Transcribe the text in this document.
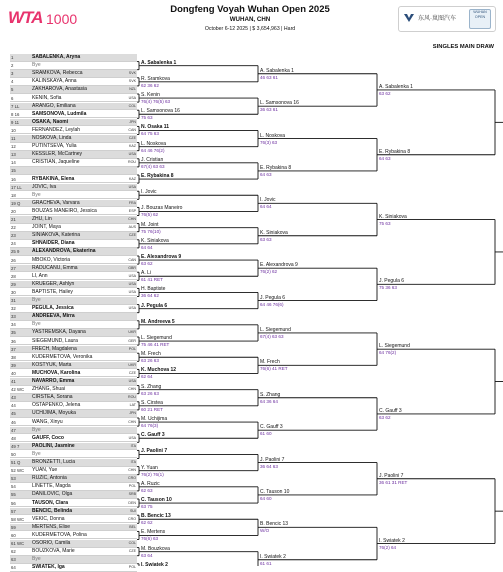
WTA 1000
Dongfeng Voyah Wuhan Open 2025
WUHAN, CHN
October 6-12 2025 | $ 3,654,963 | Hard
东风·岚图汽车
WUHAN OPEN
SINGLES MAIN DRAW
1	SABALENKA, Aryna
2	Bye
3	SRAMKOVA, Rebecca	SVK
4	KALINSKAYA, Anna	SVK
5	ZAKHAROVA, Anastasia	NZL
6	KENIN, Sofia	USA
7 LL	ARANGO, Emiliana	COL
8 16	SAMSONOVA, Ludmila
9 11	OSAKA, Naomi	JPN
10	FERNANDEZ, Leylah	CAN
11	NOSKOVA, Linda	CZE
12	PUTINTSEVA, Yulia	KAZ
13	KESSLER, McCartney	USA
14	CRISTIAN, Jaqueline	ROU
15
16	RYBAKINA, Elena	KAZ
17 LL	JOVIC, Iva	USA
18	Bye
19 Q	GRACHEVA, Varvara	FRA
20	BOUZAS MANEIRO, Jessica	ESP
21	ZHU, Lin	CHN
22	JOINT, Maya	AUS
23	SINIAKOVA, Katerina	CZE
24	SHNAIDER, Diana
25 9	ALEXANDROVA, Ekaterina
26	MBOKO, Victoria	CAN
27	RADUCANU, Emma	GBR
28	LI, Ann	USA
29	KRUEGER, Ashlyn	USA
30	BAPTISTE, Hailey	USA
31	Bye
32	PEGULA, Jessica	USA
33	ANDREEVA, Mirra
34	Bye
35	YASTREMSKA, Dayana	UKR
36	SIEGEMUND, Laura	GER
37	FRECH, Magdalena	POL
38	KUDERMETOVA, Veronika
39	KOSTYUK, Marta	UKR
40	MUCHOVA, Karolina	CZE
41	NAVARRO, Emma	USA
42 WC	ZHANG, Shuai	CHN
43	CIRSTEA, Sorana	ROU
44	OSTAPENKO, Jelena	LAT
45	UCHIJIMA, Moyuka	JPN
46	WANG, Xinyu	CHN
47	Bye
48	GAUFF, Coco	USA
49 7	PAOLINI, Jasmine	ITA
50	Bye
51 Q	BRONZETTI, Lucia	ITA
52 WC	YUAN, Yue	CHN
53	RUZIC, Antonia	CRO
54	LINETTE, Magda	POL
55	DANILOVIC, Olga	SRB
56	TAUSON, Clara	DEN
57	BENCIC, Belinda	SUI
58 WC	VEKIC, Donna	CRO
59	MERTENS, Elise	BEL
60	KUDERMETOVA, Polina
61 WC	OSORIO, Camila	COL
62	BOUZKOVA, Marie	CZE
63	Bye
64	SWIATEK, Iga	POL
A. Sabalenka 1
R. Sramkova
62 36 62
S. Kenin
76(4) 76(5) 63
L. Samsonova 16
75 63
N. Osaka 11
64 75 63
L. Noskova
64 46 76(2)
J. Cristian
67(4) 63 63
E. Rybakina 8
I. Jovic
J. Bouzas Maneiro
76(5) 62
M. Joint
75 76(10)
K. Siniakova
64 64
E. Alexandrova 9
63 62
A. Li
61 41 RET
H. Baptiste
36 64 62
J. Pegula 6
M. Andreeva 5
L. Siegemund
75 46 41 RET
M. Frech
63 26 63
K. Muchova 12
62 64
S. Zhang
63 26 63
S. Cirstea
60 21 RET
M. Uchijima
64 76(3)
C. Gauff 3
J. Paolini 7
Y. Yuan
76(2) 76(1)
A. Ruzic
62 63
C. Tauson 10
63 75
B. Bencic 13
62 62
E. Mertens
76(6) 63
M. Bouzkova
63 64
I. Swiatek 2
A. Sabalenka 1
46 63 61
L. Samsonova 16
36 63 61
L. Noskova
76(3) 63
E. Rybakina 8
64 63
I. Jovic
64 64
K. Siniakova
63 63
E. Alexandrova 9
76(2) 62
J. Pegula 6
64 46 76(6)
L. Siegemund
67(4) 63 63
M. Frech
76(6) 41 RET
S. Zhang
64 36 64
C. Gauff 3
61 60
J. Paolini 7
36 64 63
C. Tauson 10
64 60
B. Bencic 13
W/O
I. Swiatek 2
61 61
A. Sabalenka 1
63 62
E. Rybakina 8
64 63
K. Siniakova
75 63
J. Pegula 6
75 36 63
L. Siegemund
64 76(2)
C. Gauff 3
63 62
J. Paolini 7
36 61 31 RET
I. Swiatek 2
76(2) 64
